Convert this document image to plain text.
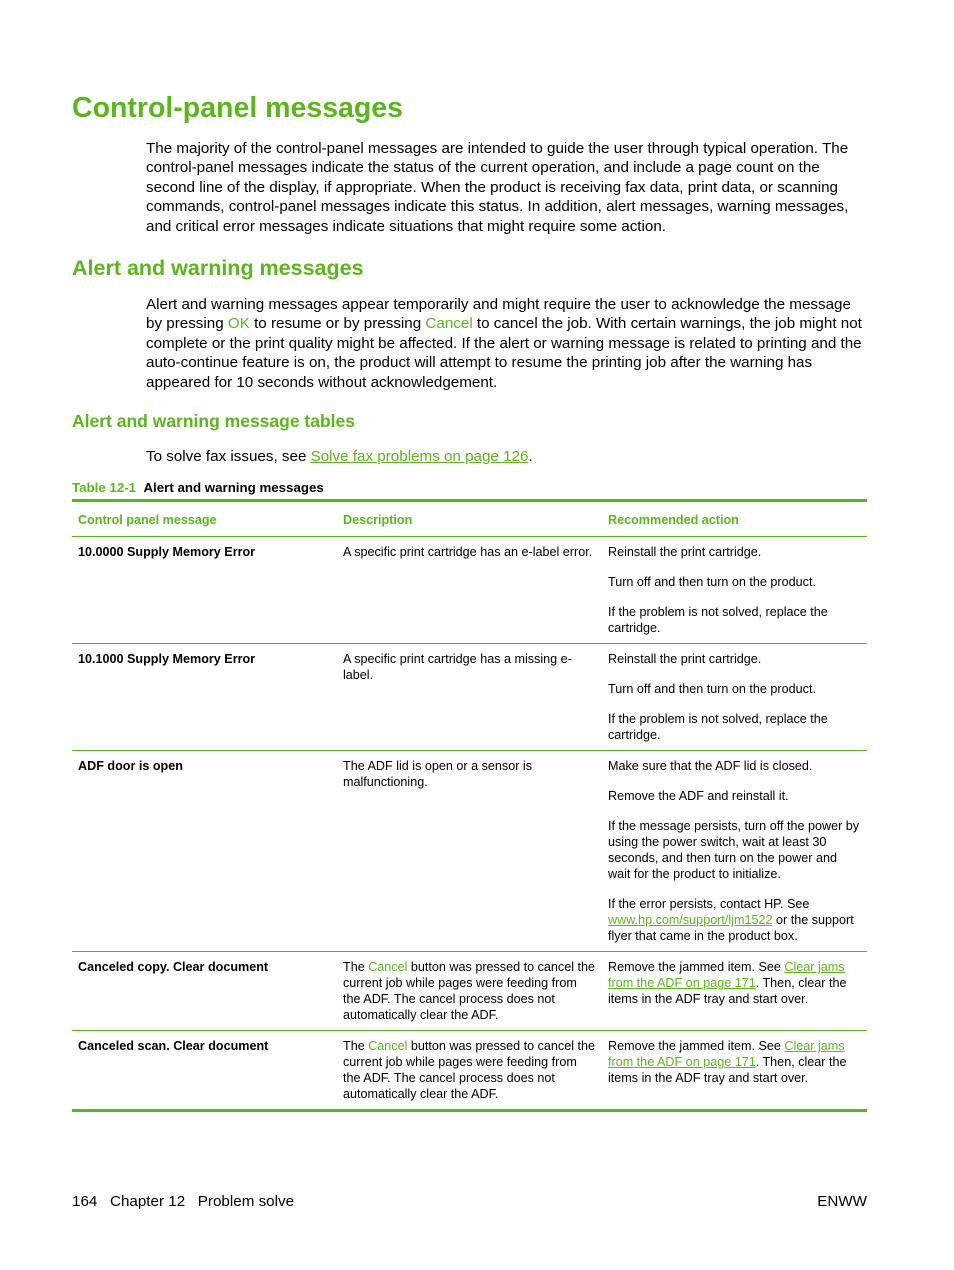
Control-panel messages

The majority of the control-panel messages are intended to guide the user through typical operation. The control-panel messages indicate the status of the current operation, and include a page count on the second line of the display, if appropriate. When the product is receiving fax data, print data, or scanning commands, control-panel messages indicate this status. In addition, alert messages, warning messages, and critical error messages indicate situations that might require some action.

Alert and warning messages

Alert and warning messages appear temporarily and might require the user to acknowledge the message by pressing OK to resume or by pressing Cancel to cancel the job. With certain warnings, the job might not complete or the print quality might be affected. If the alert or warning message is related to printing and the auto-continue feature is on, the product will attempt to resume the printing job after the warning has appeared for 10 seconds without acknowledgement.

Alert and warning message tables

To solve fax issues, see Solve fax problems on page 126.

Table 12-1 Alert and warning messages
Control panel message	Description	Recommended action
10.0000 Supply Memory Error	A specific print cartridge has an e-label error.	Reinstall the print cartridge.

Turn off and then turn on the product.

If the problem is not solved, replace the cartridge.

10.1000 Supply Memory Error	A specific print cartridge has a missing e-label.	Reinstall the print cartridge.

Turn off and then turn on the product.

If the problem is not solved, replace the cartridge.

ADF door is open	The ADF lid is open or a sensor is malfunctioning.	Make sure that the ADF lid is closed.

Remove the ADF and reinstall it.

If the message persists, turn off the power by using the power switch, wait at least 30 seconds, and then turn on the power and wait for the product to initialize.

If the error persists, contact HP. See www.hp.com/support/ljm1522 or the support flyer that came in the product box.

Canceled copy. Clear document	The Cancel button was pressed to cancel the current job while pages were feeding from the ADF. The cancel process does not automatically clear the ADF.	Remove the jammed item. See Clear jams from the ADF on page 171. Then, clear the items in the ADF tray and start over.
Canceled scan. Clear document	The Cancel button was pressed to cancel the current job while pages were feeding from the ADF. The cancel process does not automatically clear the ADF.	Remove the jammed item. See Clear jams from the ADF on page 171. Then, clear the items in the ADF tray and start over.
164   Chapter 12   Problem solve	ENWW
